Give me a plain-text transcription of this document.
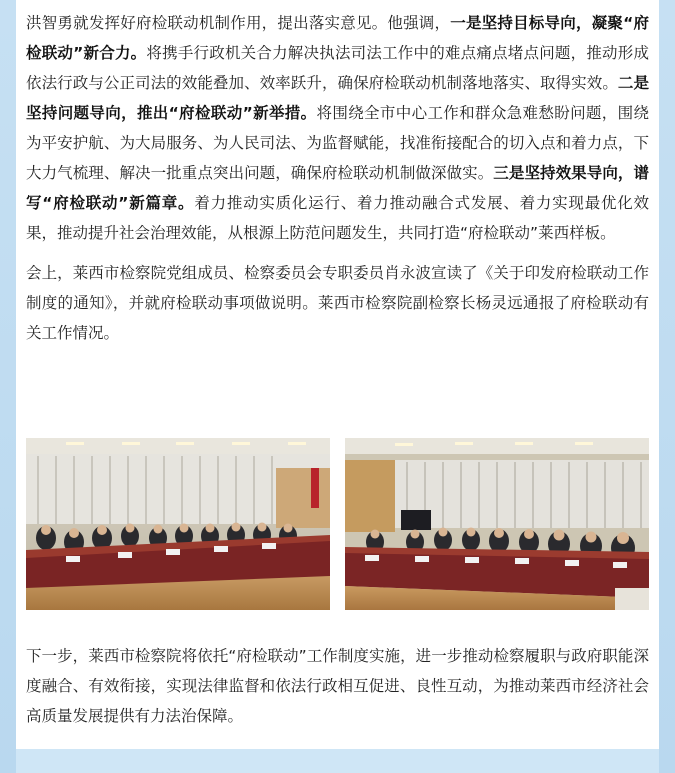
洪智勇就发挥好府检联动机制作用，提出落实意见。他强调，一是坚持目标导向，凝聚“府检联动”新合力。将携手行政机关合力解决执法司法工作中的难点痛点堵点问题，推动形成依法行政与公正司法的效能叠加、效率跃升，确保府检联动机制落地落实、取得实效。二是坚持问题导向，推出“府检联动”新举措。将围绕全市中心工作和群众急难愁盼问题，围绕为平安护航、为大局服务、为人民司法、为监督赋能，找准衔接配合的切入点和着力点，下大力气梳理、解决一批重点突出问题，确保府检联动机制做深做实。三是坚持效果导向，谱写“府检联动”新篇章。着力推动实质化运行、着力推动融合式发展、着力实现最优化效果，推动提升社会治理效能，从根源上防范问题发生，共同打造“府检联动”莱西样板。

会上，莱西市检察院党组成员、检察委员会专职委员肖永波宣读了《关于印发府检联动工作制度的通知》，并就府检联动事项做说明。莱西市检察院副检察长杨灵远通报了府检联动有关工作情况。

下一步，莱西市检察院将依托“府检联动”工作制度实施，进一步推动检察履职与政府职能深度融合、有效衔接，实现法律监督和依法行政相互促进、良性互动，为推动莱西市经济社会高质量发展提供有力法治保障。
